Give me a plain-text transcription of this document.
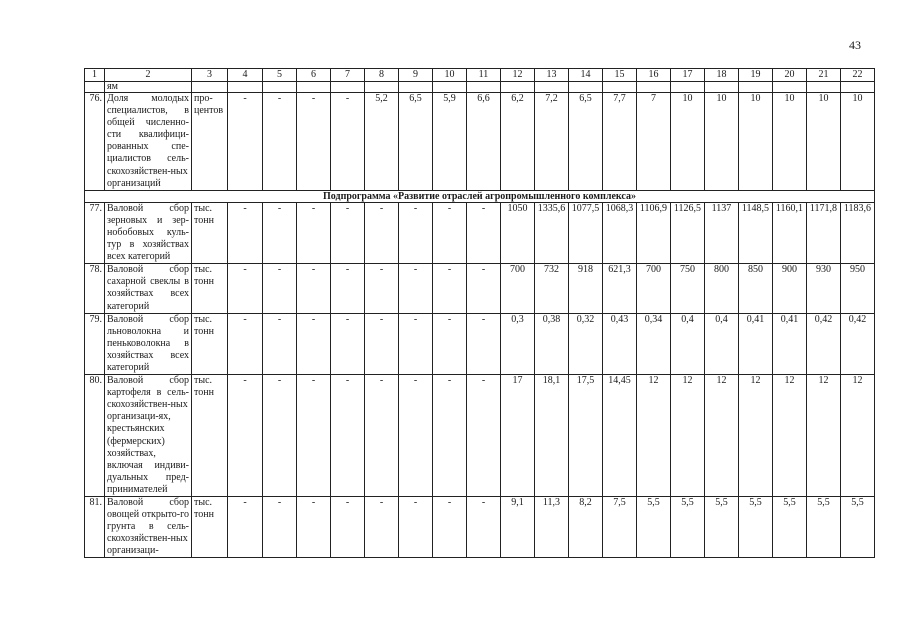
43
1	2	3	4	5	6	7	8	9	10	11	12	13	14	15	16	17	18	19	20	21	22
	ям																				
76.	Доля молодых специалистов, в общей численно-сти квалифици-рованных спе-циалистов сель-скохозяйствен-ных организаций	про-центов	-	-	-	-	5,2	6,5	5,9	6,6	6,2	7,2	6,5	7,7	7	10	10	10	10	10	10
Подпрограмма «Развитие отраслей агропромышленного комплекса»																					
77.	Валовой сбор зерновых и зер-нобобовых куль-тур в хозяйствах всех категорий	тыс. тонн	-	-	-	-	-	-	-	-	1050	1335,6	1077,5	1068,3	1106,9	1126,5	1137	1148,5	1160,1	1171,8	1183,6
78.	Валовой сбор сахарной свеклы в хозяйствах всех категорий	тыс. тонн	-	-	-	-	-	-	-	-	700	732	918	621,3	700	750	800	850	900	930	950
79.	Валовой сбор льноволокна и пеньковолокна в хозяйствах всех категорий	тыс. тонн	-	-	-	-	-	-	-	-	0,3	0,38	0,32	0,43	0,34	0,4	0,4	0,41	0,41	0,42	0,42
80.	Валовой сбор картофеля в сель-скохозяйствен-ных организаци-ях, крестьянских (фермерских) хозяйствах, включая индиви-дуальных пред-принимателей	тыс. тонн	-	-	-	-	-	-	-	-	17	18,1	17,5	14,45	12	12	12	12	12	12	12
81.	Валовой сбор овощей открыто-го грунта в сель-скохозяйствен-ных организаци-	тыс. тонн	-	-	-	-	-	-	-	-	9,1	11,3	8,2	7,5	5,5	5,5	5,5	5,5	5,5	5,5	5,5
